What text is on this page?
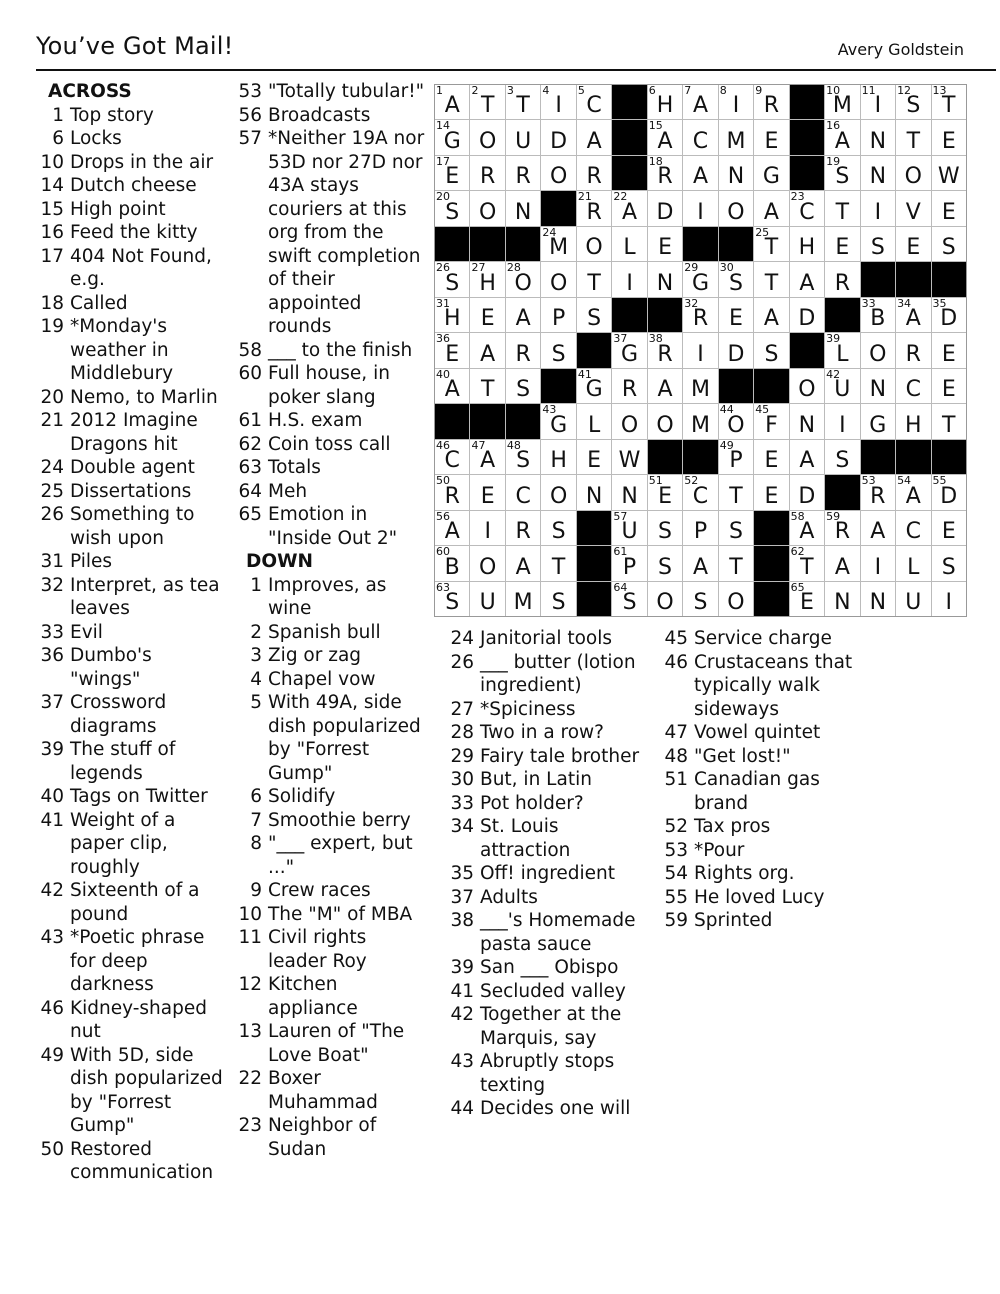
You’ve Got Mail!	Avery Goldstein
ACROSS
1 Top story
6 Locks
10 Drops in the air
14 Dutch cheese
15 High point
16 Feed the kitty
17 404 Not Found, e.g.
18 Called
19 *Monday's weather in Middlebury
20 Nemo, to Marlin
21 2012 Imagine Dragons hit
24 Double agent
25 Dissertations
26 Something to wish upon
31 Piles
32 Interpret, as tea leaves
33 Evil
36 Dumbo's "wings"
37 Crossword diagrams
39 The stuff of legends
40 Tags on Twitter
41 Weight of a paper clip, roughly
42 Sixteenth of a pound
43 *Poetic phrase for deep darkness
46 Kidney-shaped nut
49 With 5D, side dish popularized by "Forrest Gump"
50 Restored communication
53 "Totally tubular!"
56 Broadcasts
57 *Neither 19A nor 53D nor 27D nor 43A stays couriers at this org from the swift completion of their appointed rounds
58 ___ to the finish
60 Full house, in poker slang
61 H.S. exam
62 Coin toss call
63 Totals
64 Meh
65 Emotion in "Inside Out 2"
DOWN
1 Improves, as wine
2 Spanish bull
3 Zig or zag
4 Chapel vow
5 With 49A, side dish popularized by "Forrest Gump"
6 Solidify
7 Smoothie berry
8 "___ expert, but ..."
9 Crew races
10 The "M" of MBA
11 Civil rights leader Roy
12 Kitchen appliance
13 Lauren of "The Love Boat"
22 Boxer Muhammad
23 Neighbor of Sudan
24 Janitorial tools
26 ___ butter (lotion ingredient)
27 *Spiciness
28 Two in a row?
29 Fairy tale brother
30 But, in Latin
33 Pot holder?
34 St. Louis attraction
35 Off! ingredient
37 Adults
38 ___'s Homemade pasta sauce
39 San ___ Obispo
41 Secluded valley
42 Together at the Marquis, say
43 Abruptly stops texting
44 Decides one will
45 Service charge
46 Crustaceans that typically walk sideways
47 Vowel quintet
48 "Get lost!"
51 Canadian gas brand
52 Tax pros
53 *Pour
54 Rights org.
55 He loved Lucy
59 Sprinted
1
A
2
T
3
T
4
I
5
C
6
H
7
A
8
I
9
R
10
M
11
I
12
S
13
T
14
G O U D A
15
A C M E
16
A N T E
17
E R R O R
18
R A N G
19
S N O W
20
S O N
21
R
22
A D I O A
23
C T I V E
24
M O L E
25
T H E S E S
26
S
27
H
28
O O T I N
29
G
30
S T A R
31
H E A P S
32
R E A D
33
B
34
A
35
D
36
E A R S
37
G
38
R I D S
39
L O R E
40
A T S
41
G R A M	O
42
U N C E
43
G L O O M
44
O
45
F N I G H T
46
C
47
A
48
S H E W
49
P E A S
50
R E C O N N
51
E
52
C T E D
53
R
54
A
55
D
56
A I R S
57
U S P S
58
A
59
R A C E
60
B O A T
61
P S A T
62
T A I L S
63
S U M S
64
S O S O
65
E N N U I
